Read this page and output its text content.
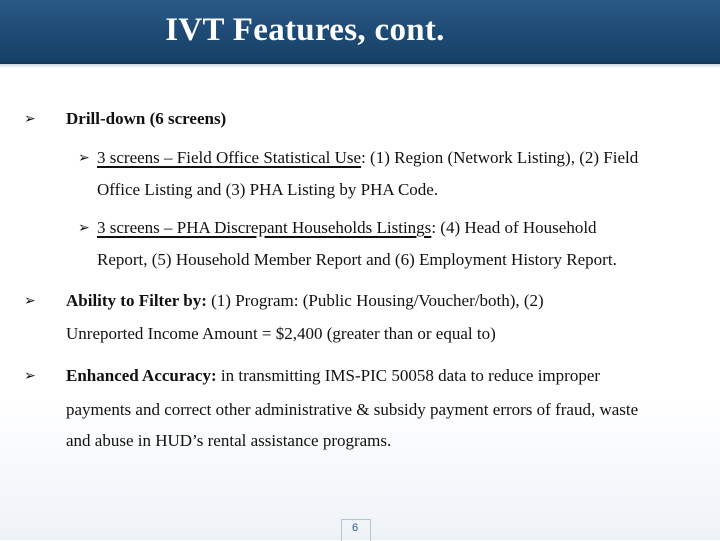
IVT Features, cont.
➢ Drill-down (6 screens)
➢ 3 screens – Field Office Statistical Use: (1) Region (Network Listing), (2) Field
Office Listing and (3) PHA Listing by PHA Code.
➢ 3 screens – PHA Discrepant Households Listings: (4) Head of Household
Report, (5) Household Member Report and (6) Employment History Report.
➢ Ability to Filter by: (1) Program: (Public Housing/Voucher/both), (2)
Unreported Income Amount = $2,400 (greater than or equal to)
➢ Enhanced Accuracy: in transmitting IMS-PIC 50058 data to reduce improper
payments and correct other administrative & subsidy payment errors of fraud, waste
and abuse in HUD’s rental assistance programs.
6
